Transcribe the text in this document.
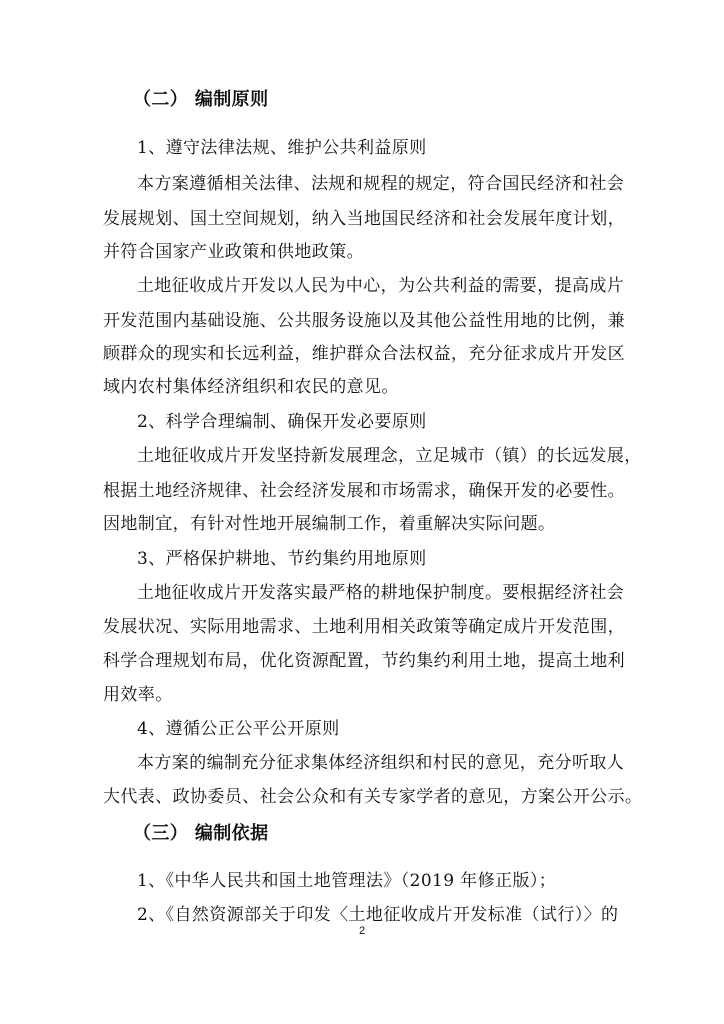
（二） 编制原则
1、遵守法律法规、维护公共利益原则
本方案遵循相关法律、法规和规程的规定，符合国民经济和社会
发展规划、国土空间规划，纳入当地国民经济和社会发展年度计划，
并符合国家产业政策和供地政策。
土地征收成片开发以人民为中心，为公共利益的需要，提高成片
开发范围内基础设施、公共服务设施以及其他公益性用地的比例，兼
顾群众的现实和长远利益，维护群众合法权益，充分征求成片开发区
域内农村集体经济组织和农民的意见。
2、科学合理编制、确保开发必要原则
土地征收成片开发坚持新发展理念，立足城市（镇）的长远发展，
根据土地经济规律、社会经济发展和市场需求，确保开发的必要性。
因地制宜，有针对性地开展编制工作，着重解决实际问题。
3、严格保护耕地、节约集约用地原则
土地征收成片开发落实最严格的耕地保护制度。要根据经济社会
发展状况、实际用地需求、土地利用相关政策等确定成片开发范围，
科学合理规划布局，优化资源配置，节约集约利用土地，提高土地利
用效率。
4、遵循公正公平公开原则
本方案的编制充分征求集体经济组织和村民的意见，充分听取人
大代表、政协委员、社会公众和有关专家学者的意见，方案公开公示。
（三） 编制依据
1、《中华人民共和国土地管理法》（2019 年修正版）；
2、《自然资源部关于印发〈土地征收成片开发标准（试行）〉的
2
